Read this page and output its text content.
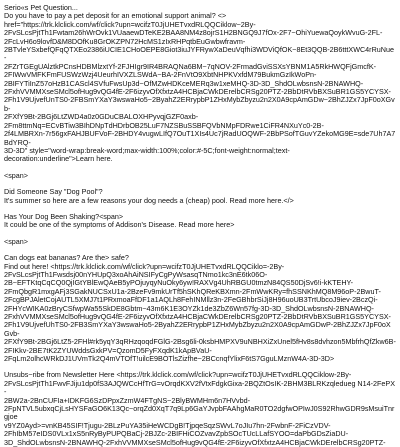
Serio«s Pet Question...
Do you have to pay a pet deposit for an emotional support animal? <>
href="https://trk.klclick.com/wf/click?upn=wcifzT0JjUHETvxdRLQQCiklow~2By-
2FvSLcsPjtTh1Fwtam26hWrOvk1VUaaewDTeKE2BAA8NM4z8ojrS1H2BNGQ9J7fOx-2F7~OhiYuewaQoykWvuG-2FL-
2FcLvH6o9lovfD&M8DOfKu8GrOKZPN72HcMS1zIxRHPqtbEuGwbwfravm-
2BTvleYSxbefQFqQTXEo2386iUCIE1CHoOEPE8Giot3iuJYFRywXaDeuVqfhi3WDViQfOK~8Et3QQB-2B6tttXWC4rRuNue-
2FZrTGEgUAlztkPCnsHDBMlzxtYf-2FJHIgr9IR4BRAQNa6BM~7qNOV-2FrmadGviSSXsYBNM1A5RkHWQFjGmcfK-
2FIWwVMFKFmFUSWzWzj4UeurhIVXZLSWdA~BA-2FnVtO9XbtNHPKVxfdM79BukmGzIkWoPn-
2BIFYTiInZ57oHzB1CAScl4SVfuFwsUp3d~OfMZwHDKceMERq3w1xeMHQ-3D-3D_ShdOLwbsnsN-2BNAWHQ-
2FxhVVMMXseSMcl5ofHug9vQG4fE-2F6izyvOfXfxtzA4HCBjaCWkDErelbCRSg20PTZ-2BbDtRVbBXSuBR1GS5YCYSX-
2Fh1V9UjvefUnTS0-2FBSmYXaY3wswaHo5~2ByahZ2ERrypbP1ZHxMybZbyzu2n2X0A9cpAmGDw~2BhZJZx7JpF0oXGvb-
2FXfY9Bt-2BGj6LtZWD4a0z0GDuCBALOXHPyvqjGZF0axb-
2Fm8ttmNq=ECvBTiw3BIhDNpTdHDrbOB25LuF7NZSBuSSBFQVbNMpFDRwe1CiFR4NXuYc0-2B-
2f4LMBRXn-7r56gxFAHJBUFVoF-2BHDY4vugwLIfQ7OuT1XIs4Uc7jRadUOQWF-2BbPSofTGuvYZekoMG9E=sde7Uh7A7BdYRQ-
3D-3D" style="word-wrap:break-word;max-width:100%;color:#-5C;font-weight:normal;text-
decoration:underline">Learn here.
<span>
Did Someone Say "Dog Pool"?
It's summer so here are a few reasons your dog needs a (cheap) pool. Read more here.</>
Has Your Dog Been Shaking?<span>
It could be one of the symptoms of Addison's Disease. Read more here>
<span>
Can dogs eat bananas? Are the> safe?
Find out here! <https://trk.klclick.com/wf/click?upn=wcifzT0JjUHETvxdRLQQCiklo=-2By-
2FvSLcsPjtTh1Fwsdsj00nYHUpQ3xoAhAiNSIFyCgPyWsasqTNmo1kc3nE6tk06O-
2B~EFTKtqCqCQ0QjIGtYBlEwQAeB5yPOjuyqyNuOky6yw!RAXVg4UhRBGU0tmzN84QS50DjSv6!i-kKTEHY-
2FmQbgR1mxgAFj3SGakNUCSxU1a-2BzeFv9mkUrTf5hSKhQReKBXmn-2FmWwKRy=fhSSNKhMQ8M96oP-2BwuT-
2FcgBPJAletCojAUTL5XMJ7t1PRxmoaFfDF1a1AQLh8FehINMllz3n-2FeGBhbrSiJj8H96uoUB3TrtUbcoJ9iev-2BczQi-
2FHYcWIKA0zBryCSfwpWa55SkDE8Gbtm~43m6K1E3OYZk1de3ZbZ6Wn57fg-3D-3D_ShdOLwbsnsN-2BNAWHQ-
2FxhVVMMXseSMcl5ofHug9vQG4fE-2F6izyvOfXfxtzA4HCBjaCWkDErelbCRSg20PTZ-2BbDtRVbBXSuBR1GS5YCYSX-
2Fh1V9UjvefUhTS0-2FB3SmYXaY3wswaHo5-2ByahZ2ERrypbP1ZHxMybZbyzu2n2X0A9cpAmGDwP-2BhZJZx7JpF0oXGvb-
2FXfY9Bt-2BGj6LtZ5-2FHl#rk5yqY3qRHzqoqdFGlG-2Bsg6li-0ksbHMPXV9uNBHXiZxUnel5fHv8s8dvhzon5MbfrhQfZkw6B-
2FIKkv-2BE7tK2ZYUWddsGxkPV=QzomD5FyFXqdK1kApBVaU-
2FqLm2olhcWRkDJ1UVmTk2Q4mVTOfT!uilcE9BOTlsZizfhe~2BCcnqfYlixF6tS7GguLMznW4A-3D-3D>
Unsubs~ribe from Newsletter Here <https://trk.klclick.com/wf/click?upn=wcifzT0JjUHETvxdRLQQCiklow-2By-
2FvSLcsPjtTh1FwvFJiju1dp0fS3AJQWCcHfTrG=vOrqdKXV2fVtxFdgkGixa-2BQZtOsIK-2BHM3BLRKzqledueg N14-2FePX-
2BW2a-2BnCUFIa+IDKFG6SzDPpxZzmW4FTgNS~2BlyBWMHm6n7HVvbd-
2FpNTVL5ubxqCjLsHYSFaGO6K13Qc~orqZd0XqT7q9Lp6GaYJvpbFAAhgMaR0TO2dgfwOPIwJ0S92RhwGDR9sMsuiTnrgjoe
v9YZ0Ayd>=vnKB45SIF!Tjugu-2BLzPuYA35iHeWCDgB!TjpqeSqzSWvL7oJIu7hn-2FwbnF-2FiCzVDV-
2FhIbM57eIDS0VLx1xS5nRyByPUPQBaCj-2BJZc-2BIFHiCOZvavZpbSOcTUcLLafSYOO=daPbGDsZiaDU-
3D_ShdOLwbsnsN-2BNAWHQ-2FxhVVMMXseSMcl5ofHug9vQG4fE-2F6izyvOfXfxtzA4HCBjaCWkDErelbCRSg20PTZ-
